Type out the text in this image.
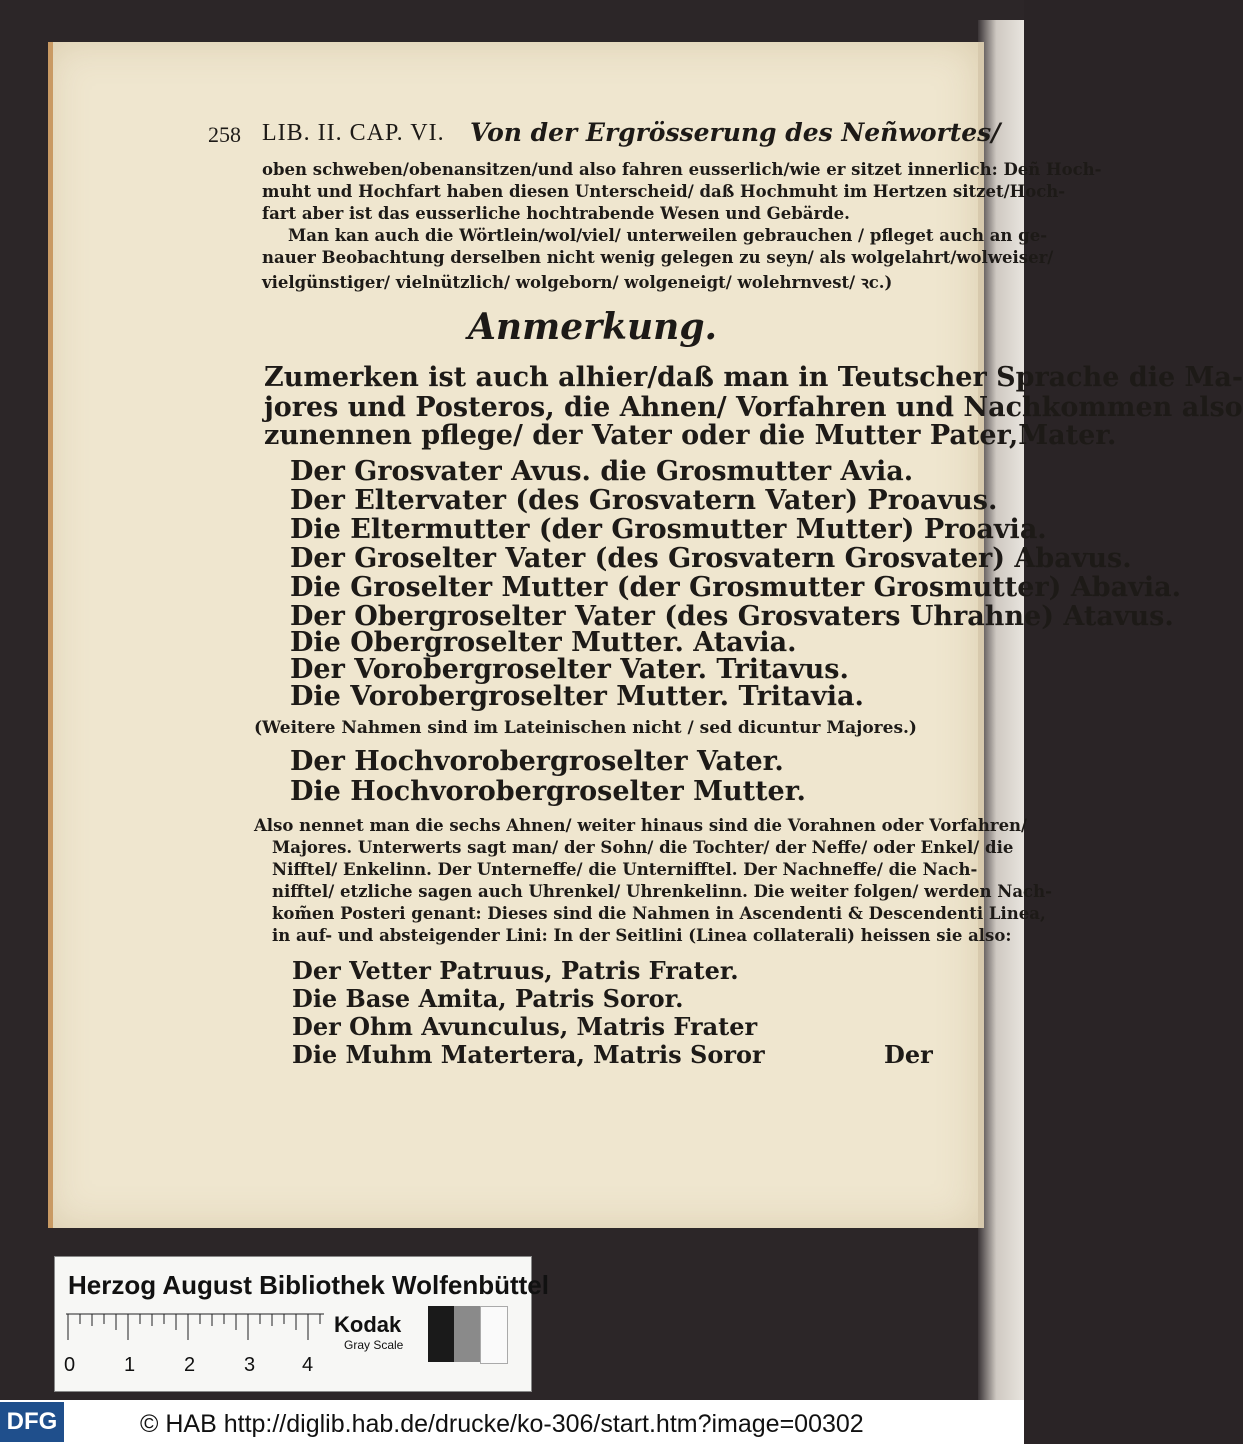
258 LIB. II. CAP. VI. Von der Ergrösserung des Neñwortes/
oben schweben/obenansitzen/und also fahren eusserlich/wie er sitzet innerlich: Deñ Hoch-
muht und Hochfart haben diesen Unterscheid/ daß Hochmuht im Hertzen sitzet/Hoch-
fart aber ist das eusserliche hochtrabende Wesen und Gebärde.
Man kan auch die Wörtlein/wol/viel/ unterweilen gebrauchen / pfleget auch an ge-
nauer Beobachtung derselben nicht wenig gelegen zu seyn/ als wolgelahrt/wolweiser/
vielgünstiger/ vielnützlich/ wolgeborn/ wolgeneigt/ wolehrnvest/ ꝛc.)
Anmerkung.
Zumerken ist auch alhier/daß man in Teutscher Sprache die Ma-
jores und Posteros, die Ahnen/ Vorfahren und Nachkommen also
zunennen pflege/ der Vater oder die Mutter Pater,Mater.
Der Grosvater Avus. die Grosmutter Avia.
Der Eltervater (des Grosvatern Vater) Proavus.
Die Eltermutter (der Grosmutter Mutter) Proavia.
Der Groselter Vater (des Grosvatern Grosvater) Abavus.
Die Groselter Mutter (der Grosmutter Grosmutter) Abavia.
Der Obergroselter Vater (des Grosvaters Uhrahne) Atavus.
Die Obergroselter Mutter. Atavia.
Der Vorobergroselter Vater. Tritavus.
Die Vorobergroselter Mutter. Tritavia.
(Weitere Nahmen sind im Lateinischen nicht / sed dicuntur Majores.)
Der Hochvorobergroselter Vater.
Die Hochvorobergroselter Mutter.
Also nennet man die sechs Ahnen/ weiter hinaus sind die Vorahnen oder Vorfahren/
Majores. Unterwerts sagt man/ der Sohn/ die Tochter/ der Neffe/ oder Enkel/ die
Nifftel/ Enkelinn. Der Unterneffe/ die Unternifftel. Der Nachneffe/ die Nach-
nifftel/ etzliche sagen auch Uhrenkel/ Uhrenkelinn. Die weiter folgen/ werden Nach-
kom̃en Posteri genant: Dieses sind die Nahmen in Ascendenti & Descendenti Linea,
in auf- und absteigender Lini: In der Seitlini (Linea collaterali) heissen sie also:
Der Vetter Patruus, Patris Frater.
Die Base Amita, Patris Soror.
Der Ohm Avunculus, Matris Frater
Die Muhm Matertera, Matris Soror	Der
Herzog August Bibliothek Wolfenbüttel
0 1 2 3 4
Kodak
Gray Scale
DFG	© HAB http://diglib.hab.de/drucke/ko-306/start.htm?image=00302
